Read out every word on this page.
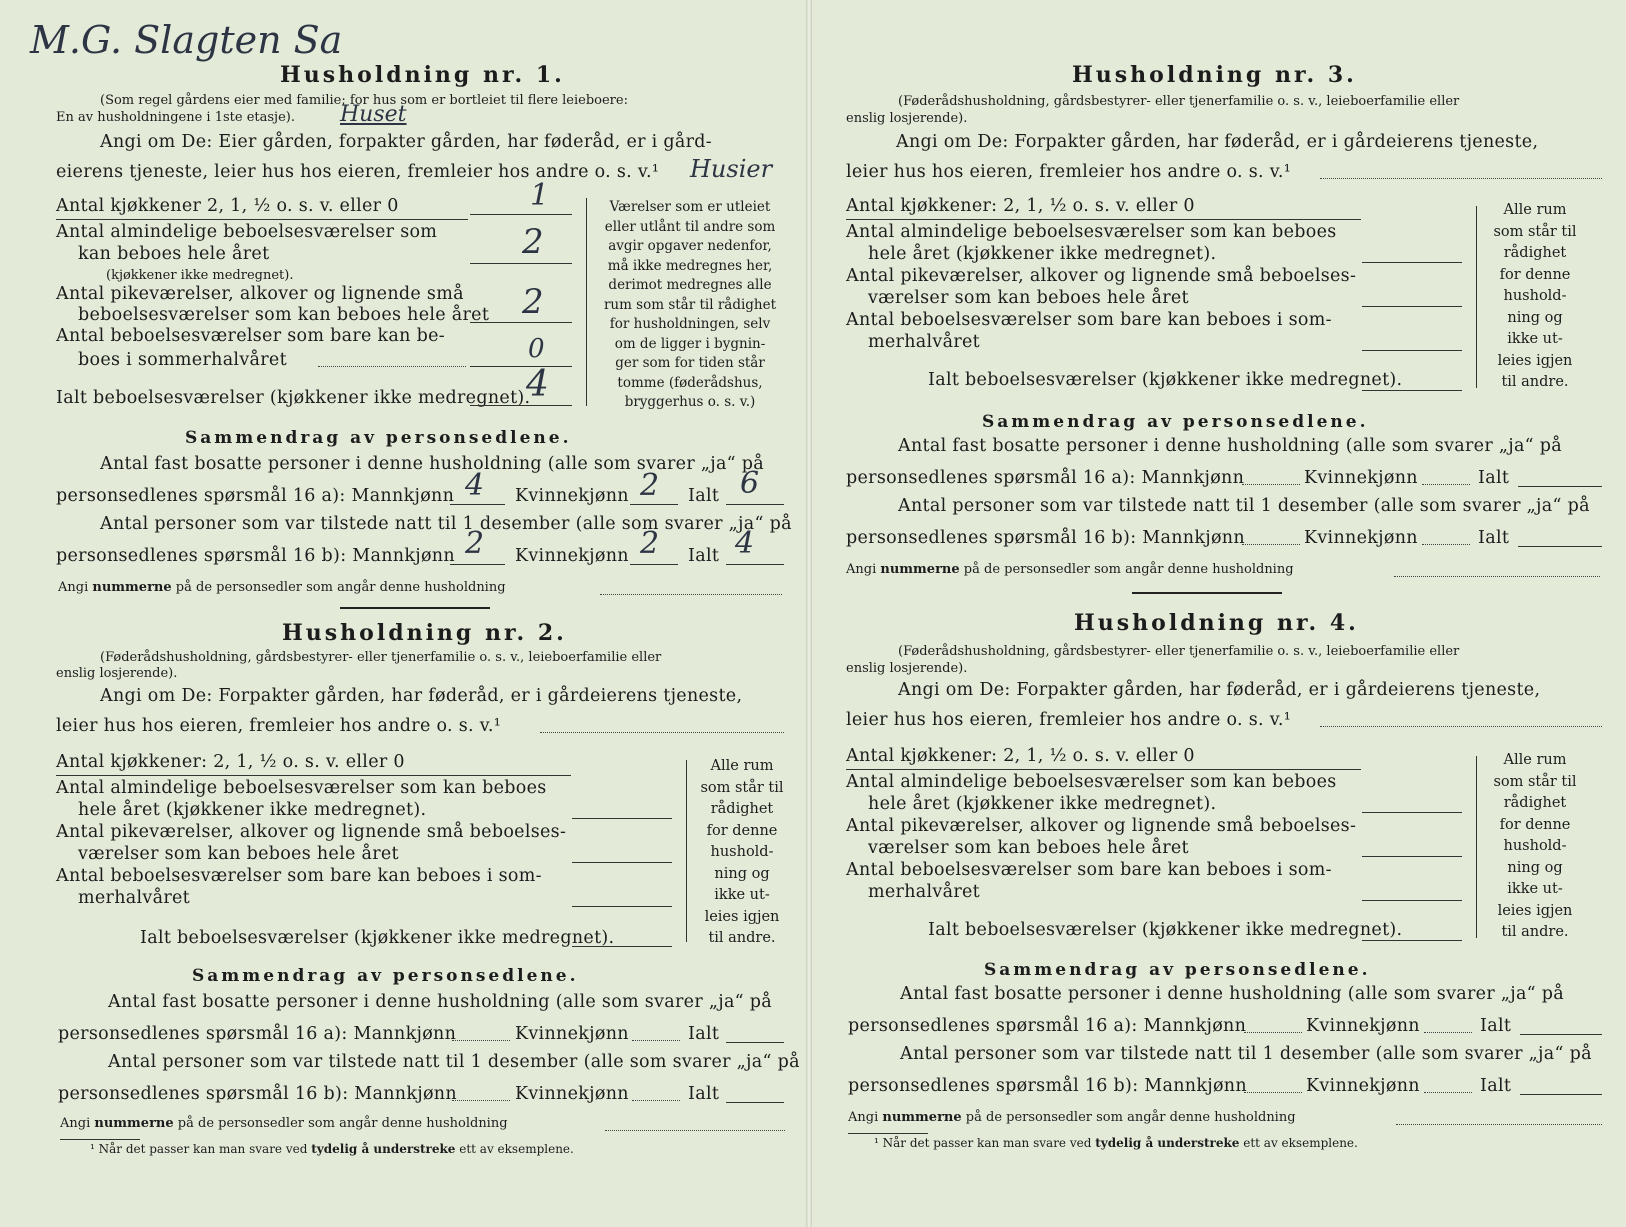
M.G. Slagten Sa
Husholdning nr. 1.
(Som regel gårdens eier med familie; for hus som er bortleiet til flere leieboere:
En av husholdningene i 1ste etasje). Huset
Angi om De: Eier gården, forpakter gården, har føderåd, er i gård-
eierens tjeneste, leier hus hos eieren, fremleier hos andre o. s. v.¹ Husier
Antal kjøkkener 2, 1, ½ o. s. v. eller 0	1
Antal almindelige beboelsesværelser som
kan beboes hele året
(kjøkkener ikke medregnet).
2
Antal pikeværelser, alkover og lignende små
beboelsesværelser som kan beboes hele året 2
Antal beboelsesværelser som bare kan be-
boes i sommerhalvåret	0
Ialt beboelsesværelser (kjøkkener ikke medregnet).
4
Værelser som er utleiet
eller utlånt til andre som
avgir opgaver nedenfor,
må ikke medregnes her,
derimot medregnes alle
rum som står til rådighet
for husholdningen, selv
om de ligger i bygnin-
ger som for tiden står
tomme (føderådshus,
bryggerhus o. s. v.)
Sammendrag av personsedlene.
Antal fast bosatte personer i denne husholdning (alle som svarer „ja“ på
personsedlenes spørsmål 16 a): Mannkjønn 4 Kvinnekjønn 2 Ialt 6
Antal personer som var tilstede natt til 1 desember (alle som svarer „ja“ på
personsedlenes spørsmål 16 b): Mannkjønn 2 Kvinnekjønn 2 Ialt 4
Angi nummerne på de personsedler som angår denne husholdning
Husholdning nr. 2.
(Føderådshusholdning, gårdsbestyrer- eller tjenerfamilie o. s. v., leieboerfamilie eller
enslig losjerende).
Angi om De: Forpakter gården, har føderåd, er i gårdeierens tjeneste,
leier hus hos eieren, fremleier hos andre o. s. v.¹
Antal kjøkkener: 2, 1, ½ o. s. v. eller 0
Antal almindelige beboelsesværelser som kan beboes
hele året (kjøkkener ikke medregnet).
Antal pikeværelser, alkover og lignende små beboelses-
værelser som kan beboes hele året
Antal beboelsesværelser som bare kan beboes i som-
merhalvåret
Ialt beboelsesværelser (kjøkkener ikke medregnet).
Alle rum
som står til
rådighet
for denne
hushold-
ning og
ikke ut-
leies igjen
til andre.
Sammendrag av personsedlene.
Antal fast bosatte personer i denne husholdning (alle som svarer „ja“ på
personsedlenes spørsmål 16 a): Mannkjønn	Kvinnekjønn	Ialt
Antal personer som var tilstede natt til 1 desember (alle som svarer „ja“ på
personsedlenes spørsmål 16 b): Mannkjønn	Kvinnekjønn	Ialt
Angi nummerne på de personsedler som angår denne husholdning
¹ Når det passer kan man svare ved tydelig å understreke ett av eksemplene.
Husholdning nr. 3.
(Føderådshusholdning, gårdsbestyrer- eller tjenerfamilie o. s. v., leieboerfamilie eller
enslig losjerende).
Angi om De: Forpakter gården, har føderåd, er i gårdeierens tjeneste,
leier hus hos eieren, fremleier hos andre o. s. v.¹
Antal kjøkkener: 2, 1, ½ o. s. v. eller 0
Antal almindelige beboelsesværelser som kan beboes
hele året (kjøkkener ikke medregnet).
Antal pikeværelser, alkover og lignende små beboelses-
værelser som kan beboes hele året
Antal beboelsesværelser som bare kan beboes i som-
merhalvåret
Ialt beboelsesværelser (kjøkkener ikke medregnet).
Alle rum
som står til
rådighet
for denne
hushold-
ning og
ikke ut-
leies igjen
til andre.
Sammendrag av personsedlene.
Antal fast bosatte personer i denne husholdning (alle som svarer „ja“ på
personsedlenes spørsmål 16 a): Mannkjønn	Kvinnekjønn	Ialt
Antal personer som var tilstede natt til 1 desember (alle som svarer „ja“ på
personsedlenes spørsmål 16 b): Mannkjønn	Kvinnekjønn	Ialt
Angi nummerne på de personsedler som angår denne husholdning
Husholdning nr. 4.
(Føderådshusholdning, gårdsbestyrer- eller tjenerfamilie o. s. v., leieboerfamilie eller
enslig losjerende).
Angi om De: Forpakter gården, har føderåd, er i gårdeierens tjeneste,
leier hus hos eieren, fremleier hos andre o. s. v.¹
Antal kjøkkener: 2, 1, ½ o. s. v. eller 0
Antal almindelige beboelsesværelser som kan beboes
hele året (kjøkkener ikke medregnet).
Antal pikeværelser, alkover og lignende små beboelses-
værelser som kan beboes hele året
Antal beboelsesværelser som bare kan beboes i som-
merhalvåret
Ialt beboelsesværelser (kjøkkener ikke medregnet).
Alle rum
som står til
rådighet
for denne
hushold-
ning og
ikke ut-
leies igjen
til andre.
Sammendrag av personsedlene.
Antal fast bosatte personer i denne husholdning (alle som svarer „ja“ på
personsedlenes spørsmål 16 a): Mannkjønn	Kvinnekjønn	Ialt
Antal personer som var tilstede natt til 1 desember (alle som svarer „ja“ på
personsedlenes spørsmål 16 b): Mannkjønn	Kvinnekjønn	Ialt
Angi nummerne på de personsedler som angår denne husholdning
¹ Når det passer kan man svare ved tydelig å understreke ett av eksemplene.
